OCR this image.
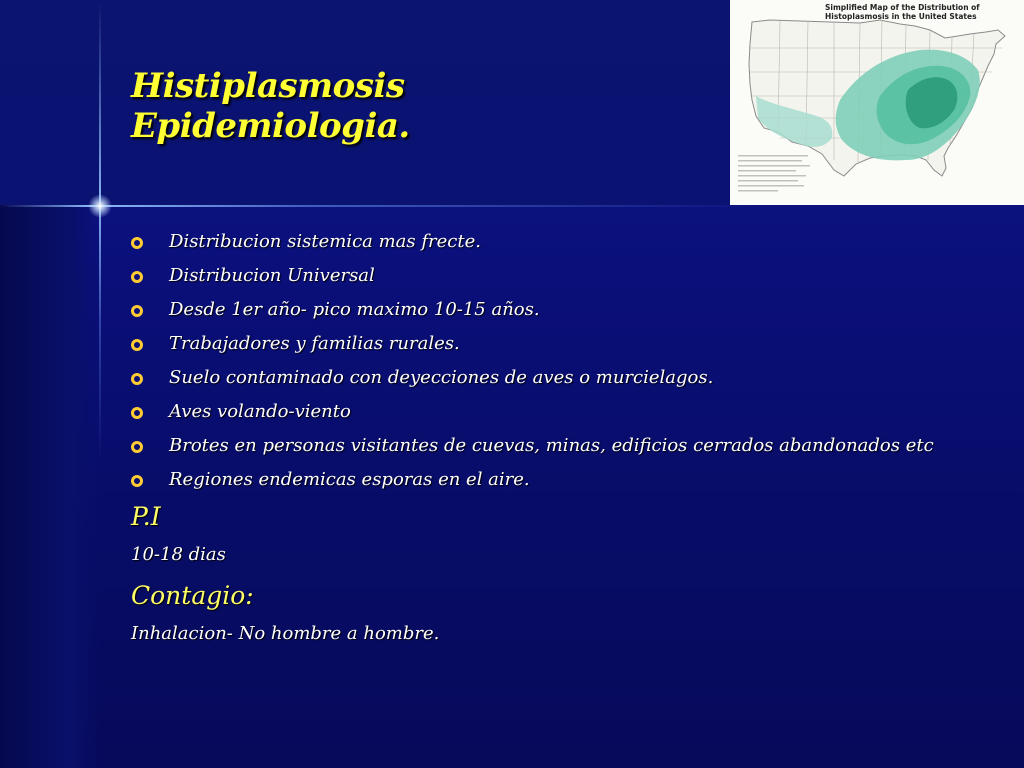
Histiplasmosis
Epidemiologia.

Simplified Map of the Distribution of Histoplasmosis in the United States

Distribucion sistemica mas frecte.
Distribucion Universal
Desde 1er año- pico maximo 10-15 años.
Trabajadores y familias rurales.
Suelo contaminado con deyecciones de aves o murcielagos.
Aves volando-viento
Brotes en personas visitantes de cuevas, minas, edificios cerrados abandonados etc
Regiones endemicas esporas en el aire.
P.I

10-18 dias

Contagio:

Inhalacion- No hombre a hombre.
